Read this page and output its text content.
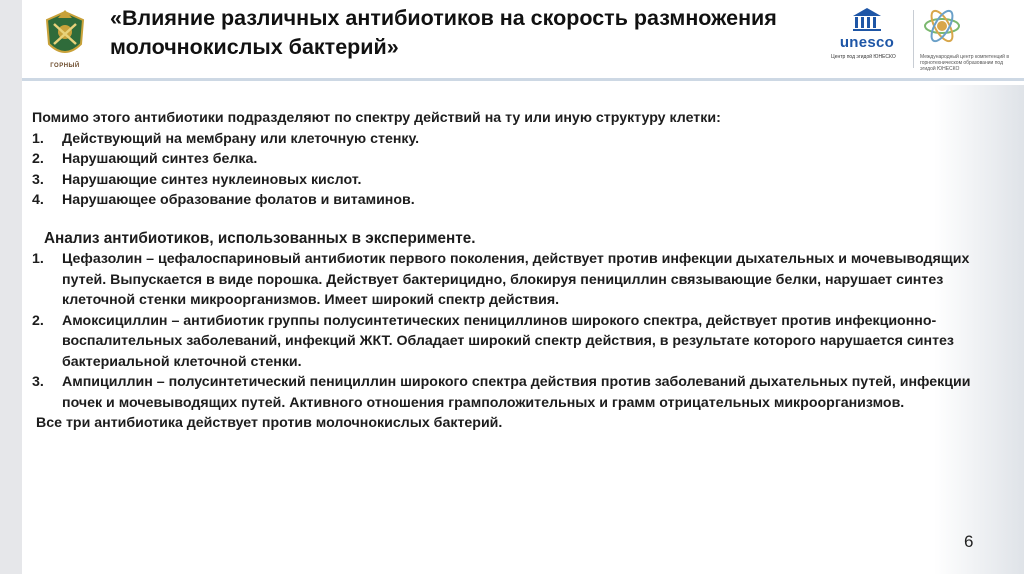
ГОРНЫЙ
«Влияние различных антибиотиков на скорость размножения молочнокислых бактерий»	unesco
Центр под эгидой ЮНЕСКО	Международный центр компетенций в горнотехническом образовании под эгидой ЮНЕСКО

Помимо этого антибиотики подразделяют по спектру действий на ту или иную структуру клетки:

1. Действующий на мембрану или клеточную стенку.
2. Нарушающий синтез белка.
3. Нарушающие синтез нуклеиновых кислот.
4. Нарушающее образование фолатов и витаминов.

Анализ антибиотиков, использованных в эксперименте.

1. Цефазолин – цефалоспариновый антибиотик первого поколения, действует против инфекции дыхательных и мочевыводящих путей. Выпускается в виде порошка. Действует бактерицидно, блокируя пенициллин связывающие белки, нарушает синтез клеточной стенки микроорганизмов. Имеет широкий спектр действия.
2. Амоксициллин – антибиотик группы полусинтетических пенициллинов широкого спектра, действует против инфекционно-воспалительных заболеваний, инфекций ЖКТ. Обладает широкий спектр действия, в результате которого нарушается синтез бактериальной клеточной стенки.
3. Ампициллин – полусинтетический пенициллин широкого спектра действия против заболеваний дыхательных путей, инфекции почек и мочевыводящих путей. Активного отношения грамположительных и грамм отрицательных микроорганизмов.

Все три антибиотика действует против молочнокислых бактерий.

6
